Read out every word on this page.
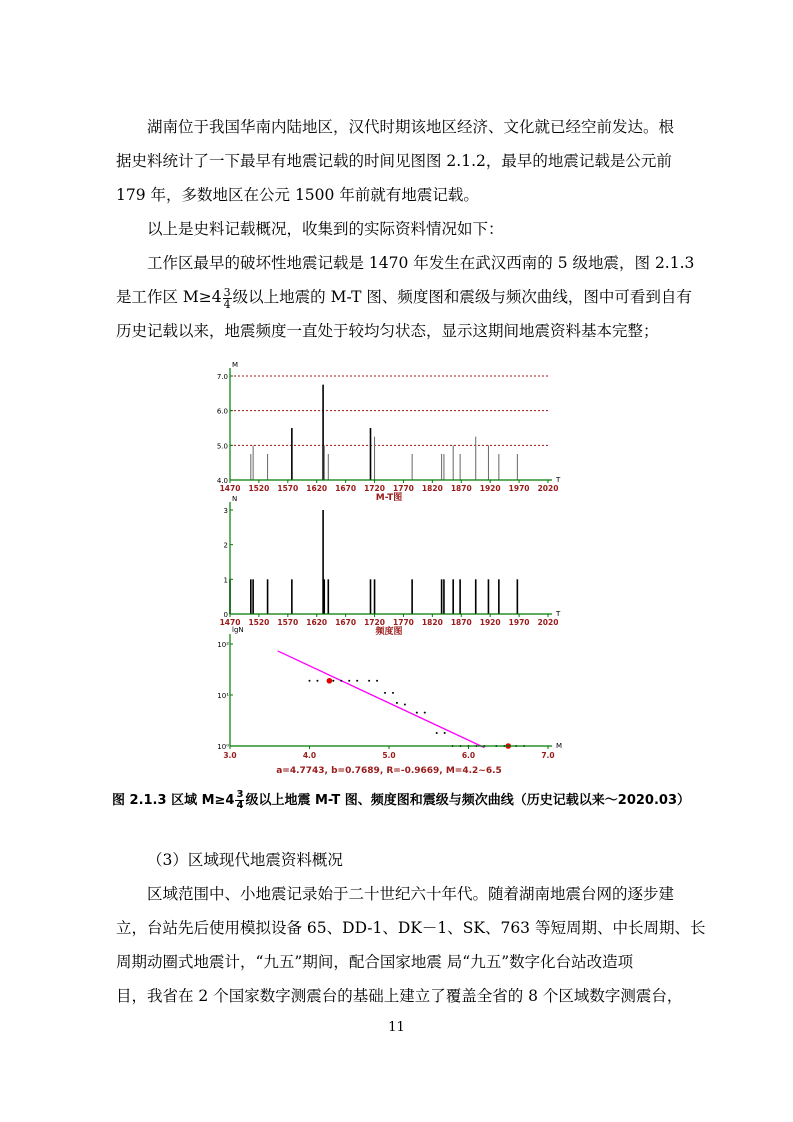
湖南位于我国华南内陆地区，汉代时期该地区经济、文化就已经空前发达。根
据史料统计了一下最早有地震记载的时间见图图 2.1.2，最早的地震记载是公元前
179 年，多数地区在公元 1500 年前就有地震记载。

以上是史料记载概况，收集到的实际资料情况如下：

工作区最早的破坏性地震记载是 1470 年发生在武汉西南的 5 级地震，图 2.1.3
是工作区 $M\ge 4 \frac{3}{4}$ 级以上地震的 M-T 图、频度图和震级与频次曲线，图中可看到自有
历史记载以来，地震频度一直处于较均匀状态，显示这期间地震资料基本完整；

4.0
5.0
6.0
7.0
1470 1520 1570 1620 1670 1720 1770 1820 1870 1920 1970 2020
M
T
M-T图
0
1
2
3
1470 1520 1570 1620 1670 1720 1770 1820 1870 1920 1970 2020
N
T
频度图
10⁰
10¹
10²
3.0	4.0	5.0	6.0	7.0
lgN
M
a=4.7743, b=0.7689, R=-0.9669, M=4.2~6.5
图 2.1.3 区域 $M\ge 4 \frac{3}{4}$ 级以上地震 M-T 图、频度图和震级与频次曲线（历史记载以来～2020.03）

（3）区域现代地震资料概况

区域范围中、小地震记录始于二十世纪六十年代。随着湖南地震台网的逐步建
立，台站先后使用模拟设备 65、DD-1、DK－1、SK、763 等短周期、中长周期、长
周期动圈式地震计，“九五”期间，配合国家地震 局“九五”数字化台站改造项
目，我省在 2 个国家数字测震台的基础上建立了覆盖全省的 8 个区域数字测震台，

11
